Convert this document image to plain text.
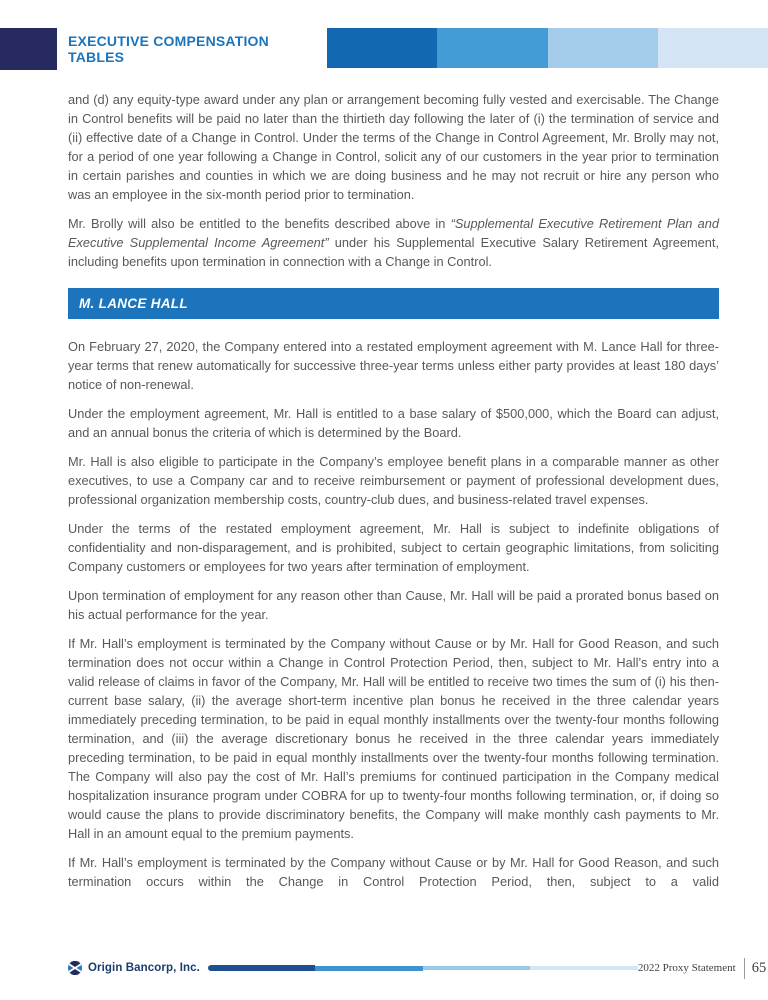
EXECUTIVE COMPENSATION
TABLES

and (d) any equity-type award under any plan or arrangement becoming fully vested and exercisable. The Change in Control benefits will be paid no later than the thirtieth day following the later of (i) the termination of service and (ii) effective date of a Change in Control. Under the terms of the Change in Control Agreement, Mr. Brolly may not, for a period of one year following a Change in Control, solicit any of our customers in the year prior to termination in certain parishes and counties in which we are doing business and he may not recruit or hire any person who was an employee in the six-month period prior to termination.

Mr. Brolly will also be entitled to the benefits described above in “Supplemental Executive Retirement Plan and Executive Supplemental Income Agreement” under his Supplemental Executive Salary Retirement Agreement, including benefits upon termination in connection with a Change in Control.

M. LANCE HALL

On February 27, 2020, the Company entered into a restated employment agreement with M. Lance Hall for three-year terms that renew automatically for successive three-year terms unless either party provides at least 180 days’ notice of non-renewal.

Under the employment agreement, Mr. Hall is entitled to a base salary of $500,000, which the Board can adjust, and an annual bonus the criteria of which is determined by the Board.

Mr. Hall is also eligible to participate in the Company’s employee benefit plans in a comparable manner as other executives, to use a Company car and to receive reimbursement or payment of professional development dues, professional organization membership costs, country-club dues, and business-related travel expenses.

Under the terms of the restated employment agreement, Mr. Hall is subject to indefinite obligations of confidentiality and non-disparagement, and is prohibited, subject to certain geographic limitations, from soliciting Company customers or employees for two years after termination of employment.

Upon termination of employment for any reason other than Cause, Mr. Hall will be paid a prorated bonus based on his actual performance for the year.

If Mr. Hall’s employment is terminated by the Company without Cause or by Mr. Hall for Good Reason, and such termination does not occur within a Change in Control Protection Period, then, subject to Mr. Hall’s entry into a valid release of claims in favor of the Company, Mr. Hall will be entitled to receive two times the sum of (i) his then-current base salary, (ii) the average short-term incentive plan bonus he received in the three calendar years immediately preceding termination, to be paid in equal monthly installments over the twenty-four months following termination, and (iii) the average discretionary bonus he received in the three calendar years immediately preceding termination, to be paid in equal monthly installments over the twenty-four months following termination. The Company will also pay the cost of Mr. Hall’s premiums for continued participation in the Company medical hospitalization insurance program under COBRA for up to twenty-four months following termination, or, if doing so would cause the plans to provide discriminatory benefits, the Company will make monthly cash payments to Mr. Hall in an amount equal to the premium payments.

If Mr. Hall’s employment is terminated by the Company without Cause or by Mr. Hall for Good Reason, and such termination occurs within the Change in Control Protection Period, then, subject to a valid

Origin Bancorp, Inc.	2022 Proxy Statement 65
